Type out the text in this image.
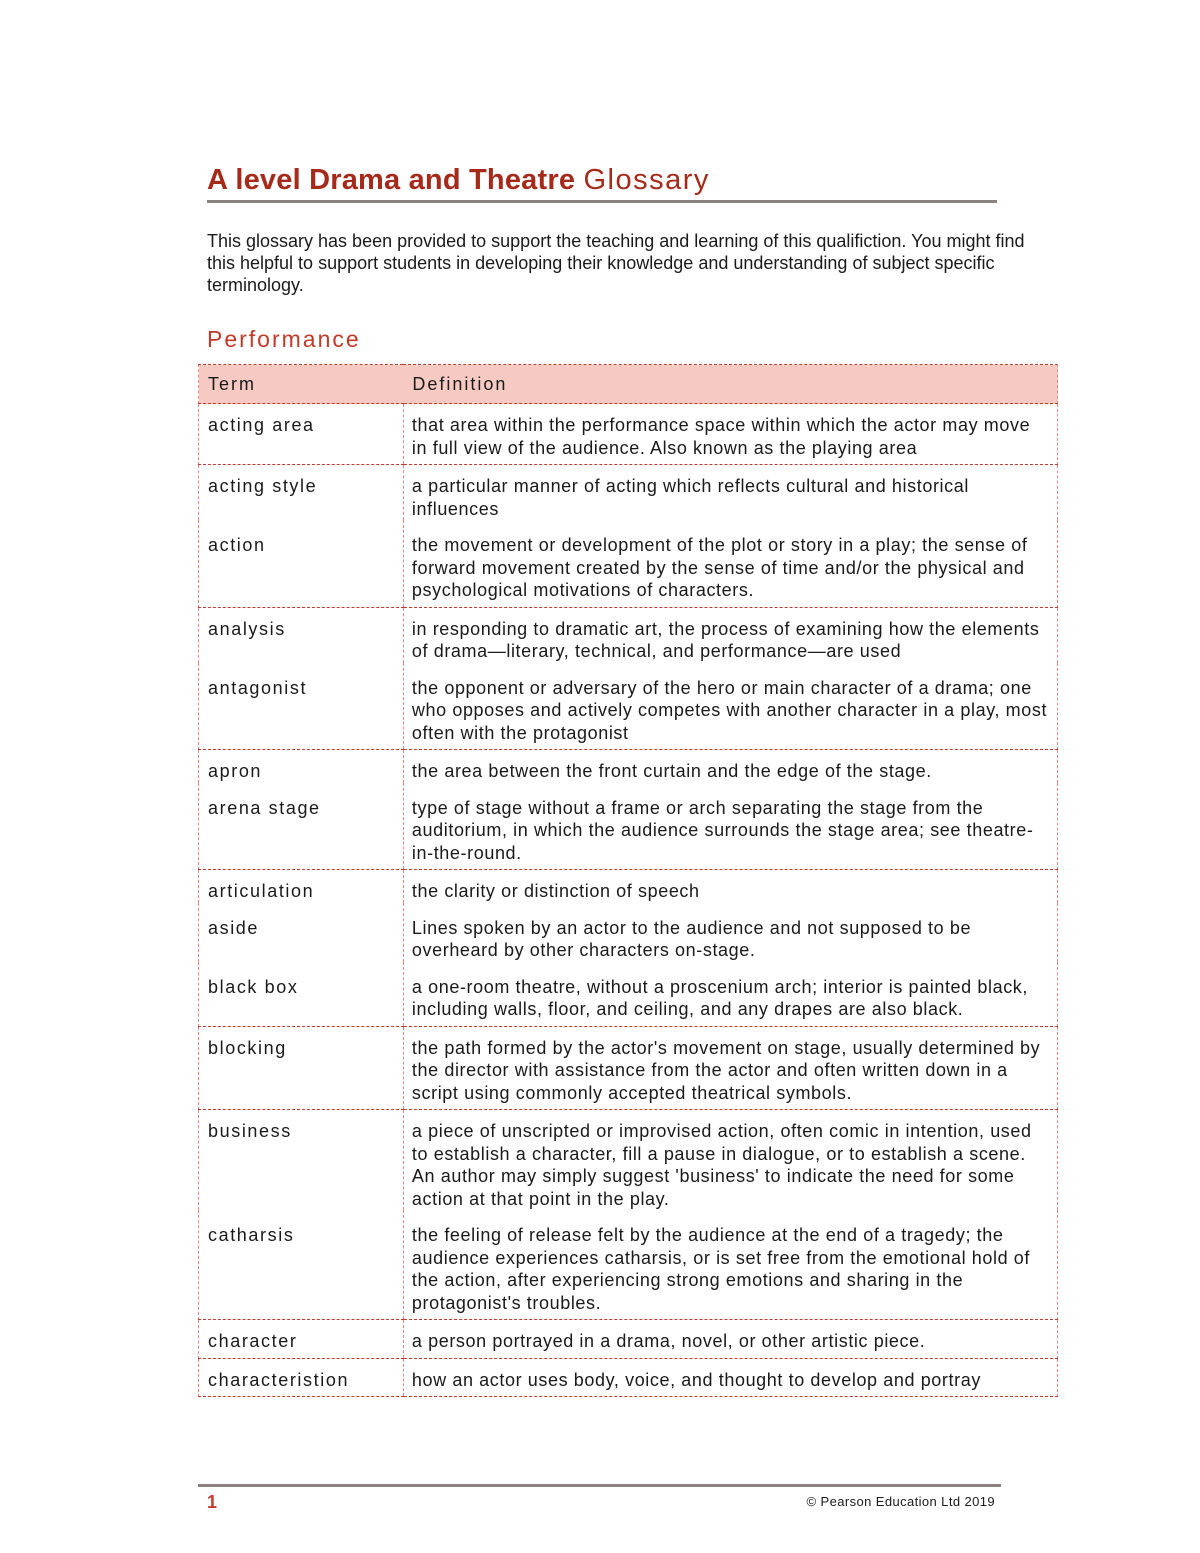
A level Drama and Theatre Glossary

This glossary has been provided to support the teaching and learning of this qualifiction. You might find this helpful to support students in developing their knowledge and understanding of subject specific terminology.

Performance
Term	Definition
acting area	that area within the performance space within which the actor may move in full view of the audience. Also known as the playing area
acting style	a particular manner of acting which reflects cultural and historical influences
action	the movement or development of the plot or story in a play; the sense of forward movement created by the sense of time and/or the physical and psychological motivations of characters.
analysis	in responding to dramatic art, the process of examining how the elements of drama—literary, technical, and performance—are used
antagonist	the opponent or adversary of the hero or main character of a drama; one who opposes and actively competes with another character in a play, most often with the protagonist
apron	the area between the front curtain and the edge of the stage.
arena stage	type of stage without a frame or arch separating the stage from the auditorium, in which the audience surrounds the stage area; see theatre-in-the-round.
articulation	the clarity or distinction of speech
aside	Lines spoken by an actor to the audience and not supposed to be overheard by other characters on-stage.
black box	a one-room theatre, without a proscenium arch; interior is painted black, including walls, floor, and ceiling, and any drapes are also black.
blocking	the path formed by the actor's movement on stage, usually determined by the director with assistance from the actor and often written down in a script using commonly accepted theatrical symbols.
business	a piece of unscripted or improvised action, often comic in intention, used to establish a character, fill a pause in dialogue, or to establish a scene. An author may simply suggest 'business' to indicate the need for some action at that point in the play.
catharsis	the feeling of release felt by the audience at the end of a tragedy; the audience experiences catharsis, or is set free from the emotional hold of the action, after experiencing strong emotions and sharing in the protagonist's troubles.
character	a person portrayed in a drama, novel, or other artistic piece.
characteristion	how an actor uses body, voice, and thought to develop and portray
1	© Pearson Education Ltd 2019
